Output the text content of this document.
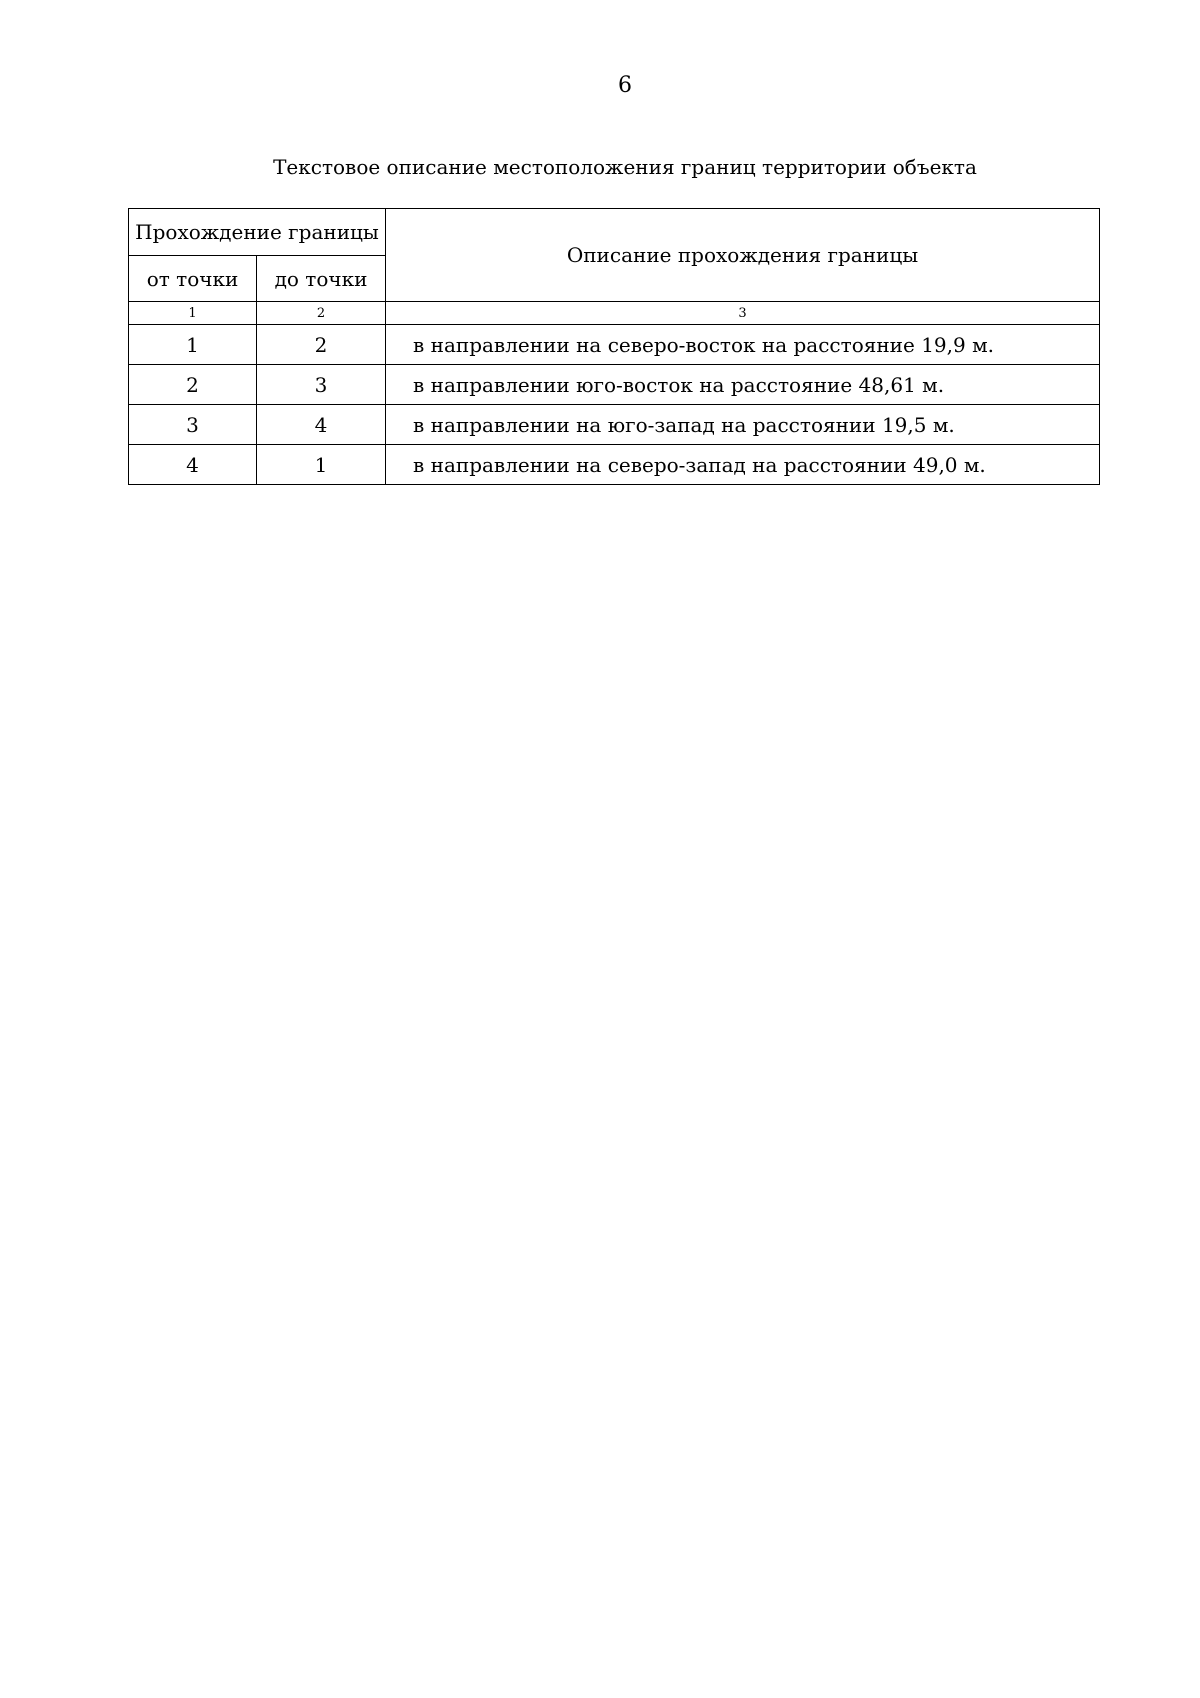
6
Текстовое описание местоположения границ территории объекта
Прохождение границы		Описание прохождения границы
от точки	до точки	
1	2	3
1	2	в направлении на северо-восток на расстояние 19,9 м.
2	3	в направлении юго-восток на расстояние 48,61 м.
3	4	в направлении на юго-запад на расстоянии 19,5 м.
4	1	в направлении на северо-запад на расстоянии 49,0 м.
